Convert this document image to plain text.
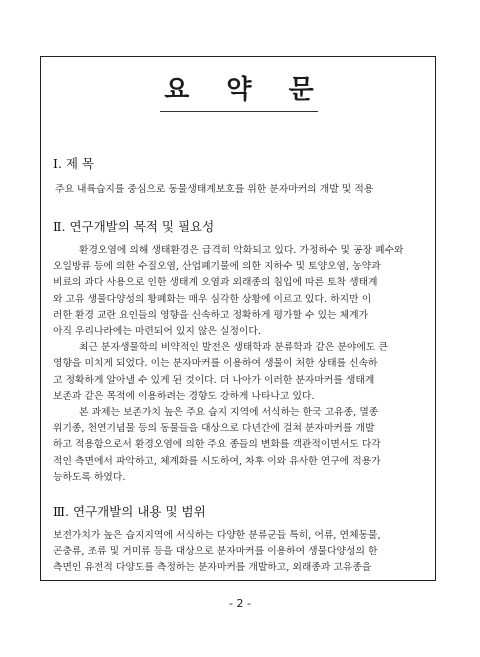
요 약 문
Ⅰ. 제 목
주요 내륙습지를 중심으로 동물생태계보호를 위한 분자마커의 개발 및 적용
Ⅱ. 연구개발의 목적 및 필요성
환경오염에 의해 생태환경은 급격히 악화되고 있다. 가정하수 및 공장 폐수와
오일방류 등에 의한 수질오염, 산업폐기물에 의한 지하수 및 토양오염, 농약과
비료의 과다 사용으로 인한 생태계 오염과 외래종의 침입에 따른 토착 생태계
와 고유 생물다양성의 황폐화는 매우 심각한 상황에 이르고 있다. 하지만 이
러한 환경 교란 요인들의 영향을 신속하고 정확하게 평가할 수 있는 체계가
아직 우리나라에는 마련되어 있지 않은 실정이다.
최근 분자생물학의 비약적인 발전은 생태학과 분류학과 같은 분야에도 큰
영향을 미치게 되었다. 이는 분자마커를 이용하여 생물이 처한 상태를 신속하
고 정확하게 알아낼 수 있게 된 것이다. 더 나아가 이러한 분자마커를 생태계
보존과 같은 목적에 이용하려는 경향도 강하게 나타나고 있다.
본 과제는 보존가치 높은 주요 습지 지역에 서식하는 한국 고유종, 멸종
위기종, 천연기념물 등의 동물들을 대상으로 다년간에 걸쳐 분자마커를 개발
하고 적용함으로서 환경오염에 의한 주요 종들의 변화를 객관적이면서도 다각
적인 측면에서 파악하고, 체계화를 시도하여, 차후 이와 유사한 연구에 적용가
능하도록 하였다.
Ⅲ. 연구개발의 내용 및 범위
보전가치가 높은 습지지역에 서식하는 다양한 분류군들 특히, 어류, 연체동물,
곤충류, 조류 및 거미류 등을 대상으로 분자마커를 이용하여 생물다양성의 한
측면인 유전적 다양도를 측정하는 분자마커를 개발하고, 외래종과 고유종을
- 2 -
